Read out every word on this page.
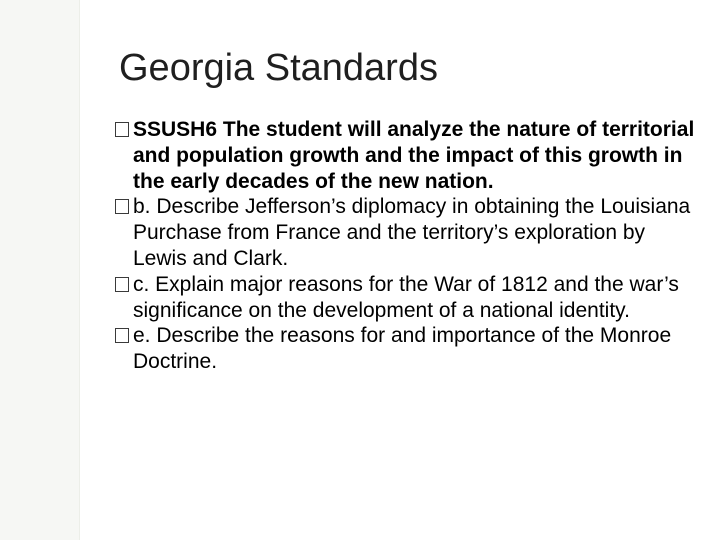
Georgia Standards
SSUSH6 The student will analyze the nature of territorial and population growth and the impact of this growth in the early decades of the new nation.
b. Describe Jefferson’s diplomacy in obtaining the Louisiana Purchase from France and the territory’s exploration by Lewis and Clark.
c. Explain major reasons for the War of 1812 and the war’s significance on the development of a national identity.
e. Describe the reasons for and importance of the Monroe Doctrine.
